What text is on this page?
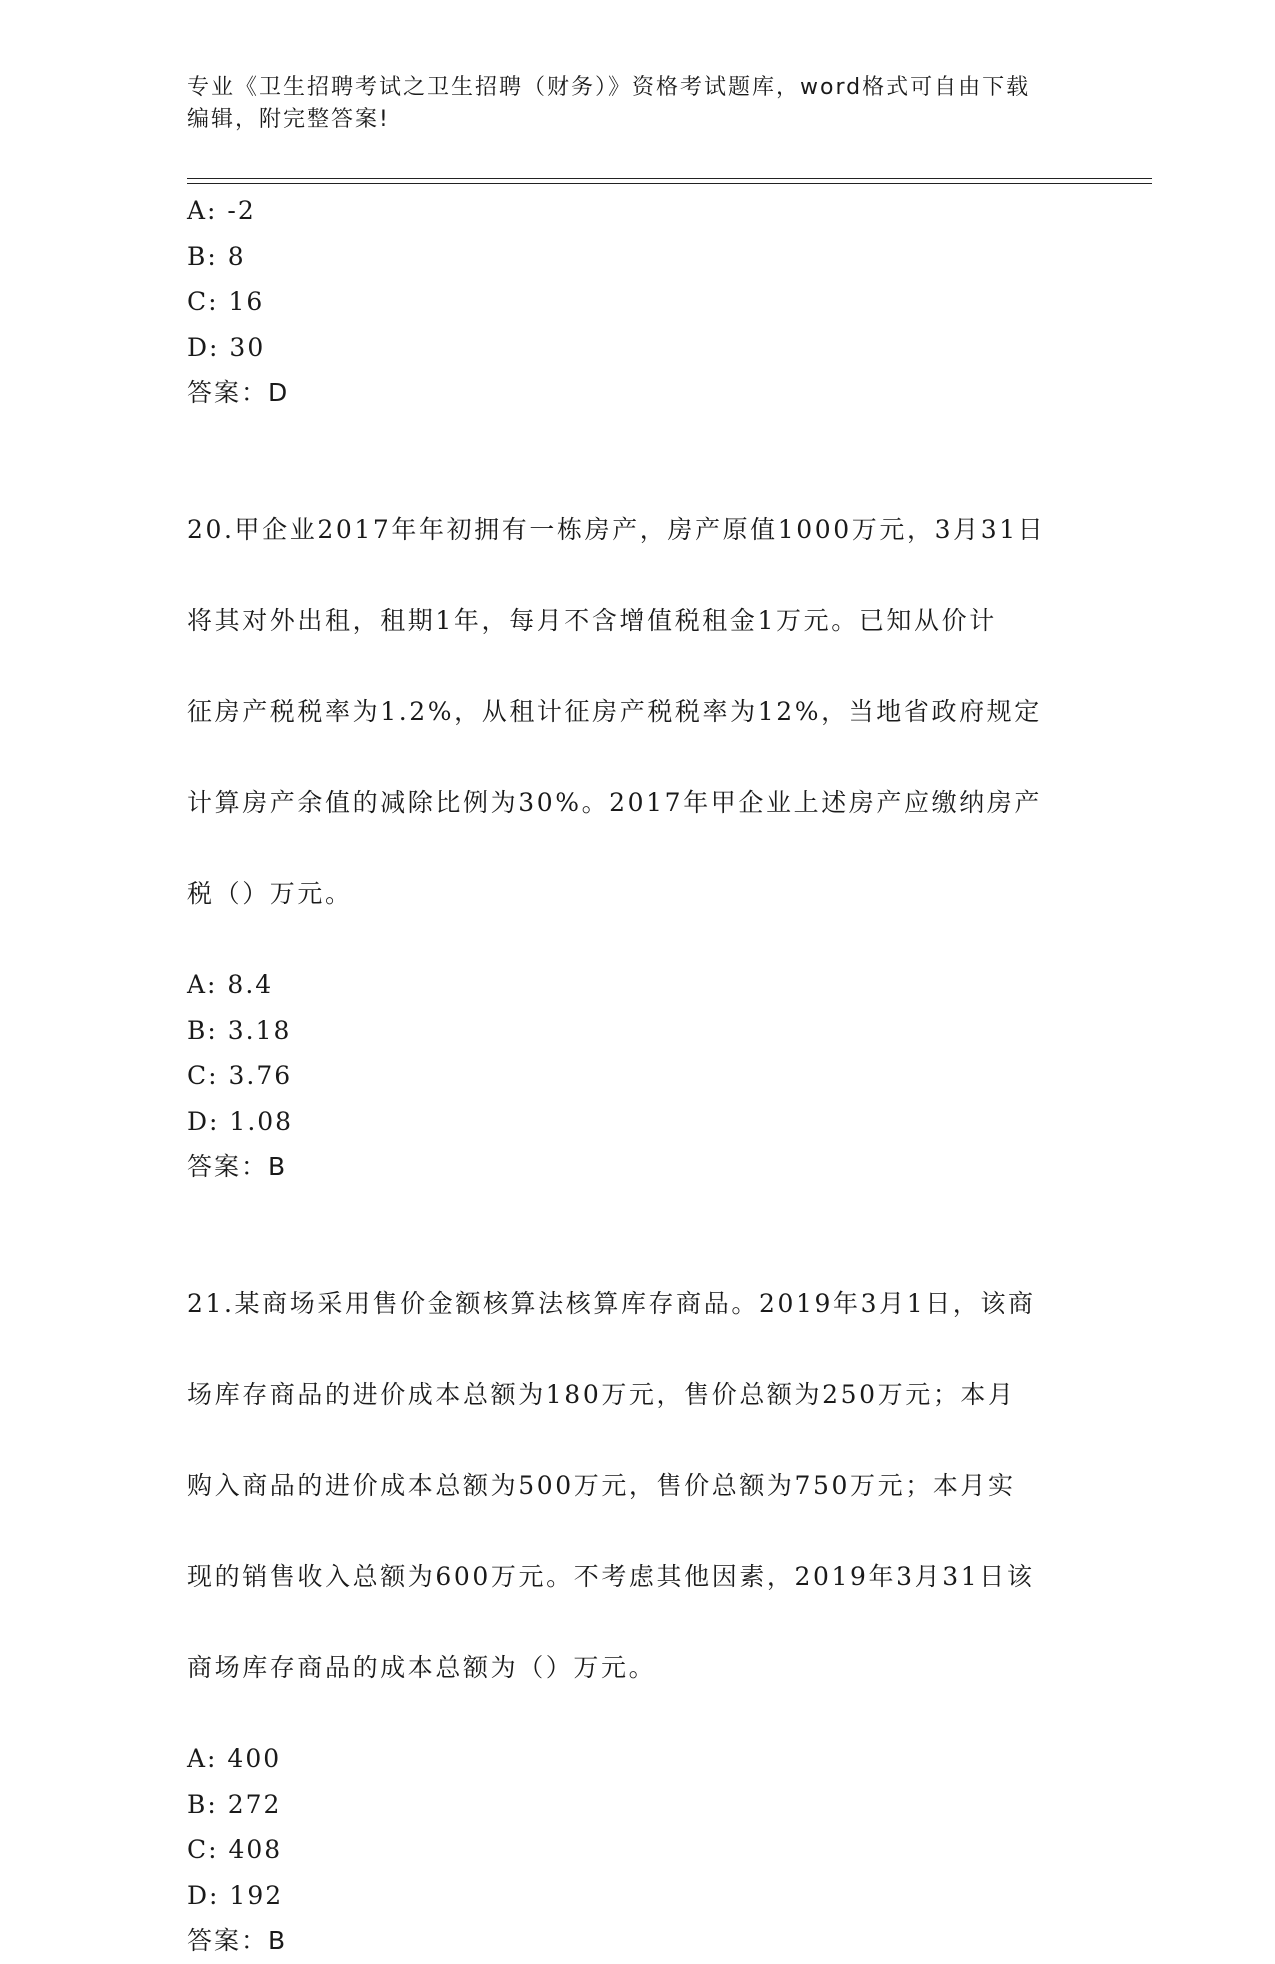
专业《卫生招聘考试之卫生招聘（财务）》资格考试题库，word格式可自由下载
编辑，附完整答案!
A: -2
B: 8
C: 16
D: 30
答案：D

20.甲企业2017年年初拥有一栋房产，房产原值1000万元，3月31日

将其对外出租，租期1年，每月不含增值税租金1万元。已知从价计

征房产税税率为1.2%，从租计征房产税税率为12%，当地省政府规定

计算房产余值的减除比例为30%。2017年甲企业上述房产应缴纳房产

税（）万元。

A: 8.4
B: 3.18
C: 3.76
D: 1.08
答案：B

21.某商场采用售价金额核算法核算库存商品。2019年3月1日，该商

场库存商品的进价成本总额为180万元，售价总额为250万元；本月

购入商品的进价成本总额为500万元，售价总额为750万元；本月实

现的销售收入总额为600万元。不考虑其他因素，2019年3月31日该

商场库存商品的成本总额为（）万元。

A: 400
B: 272
C: 408
D: 192
答案：B
